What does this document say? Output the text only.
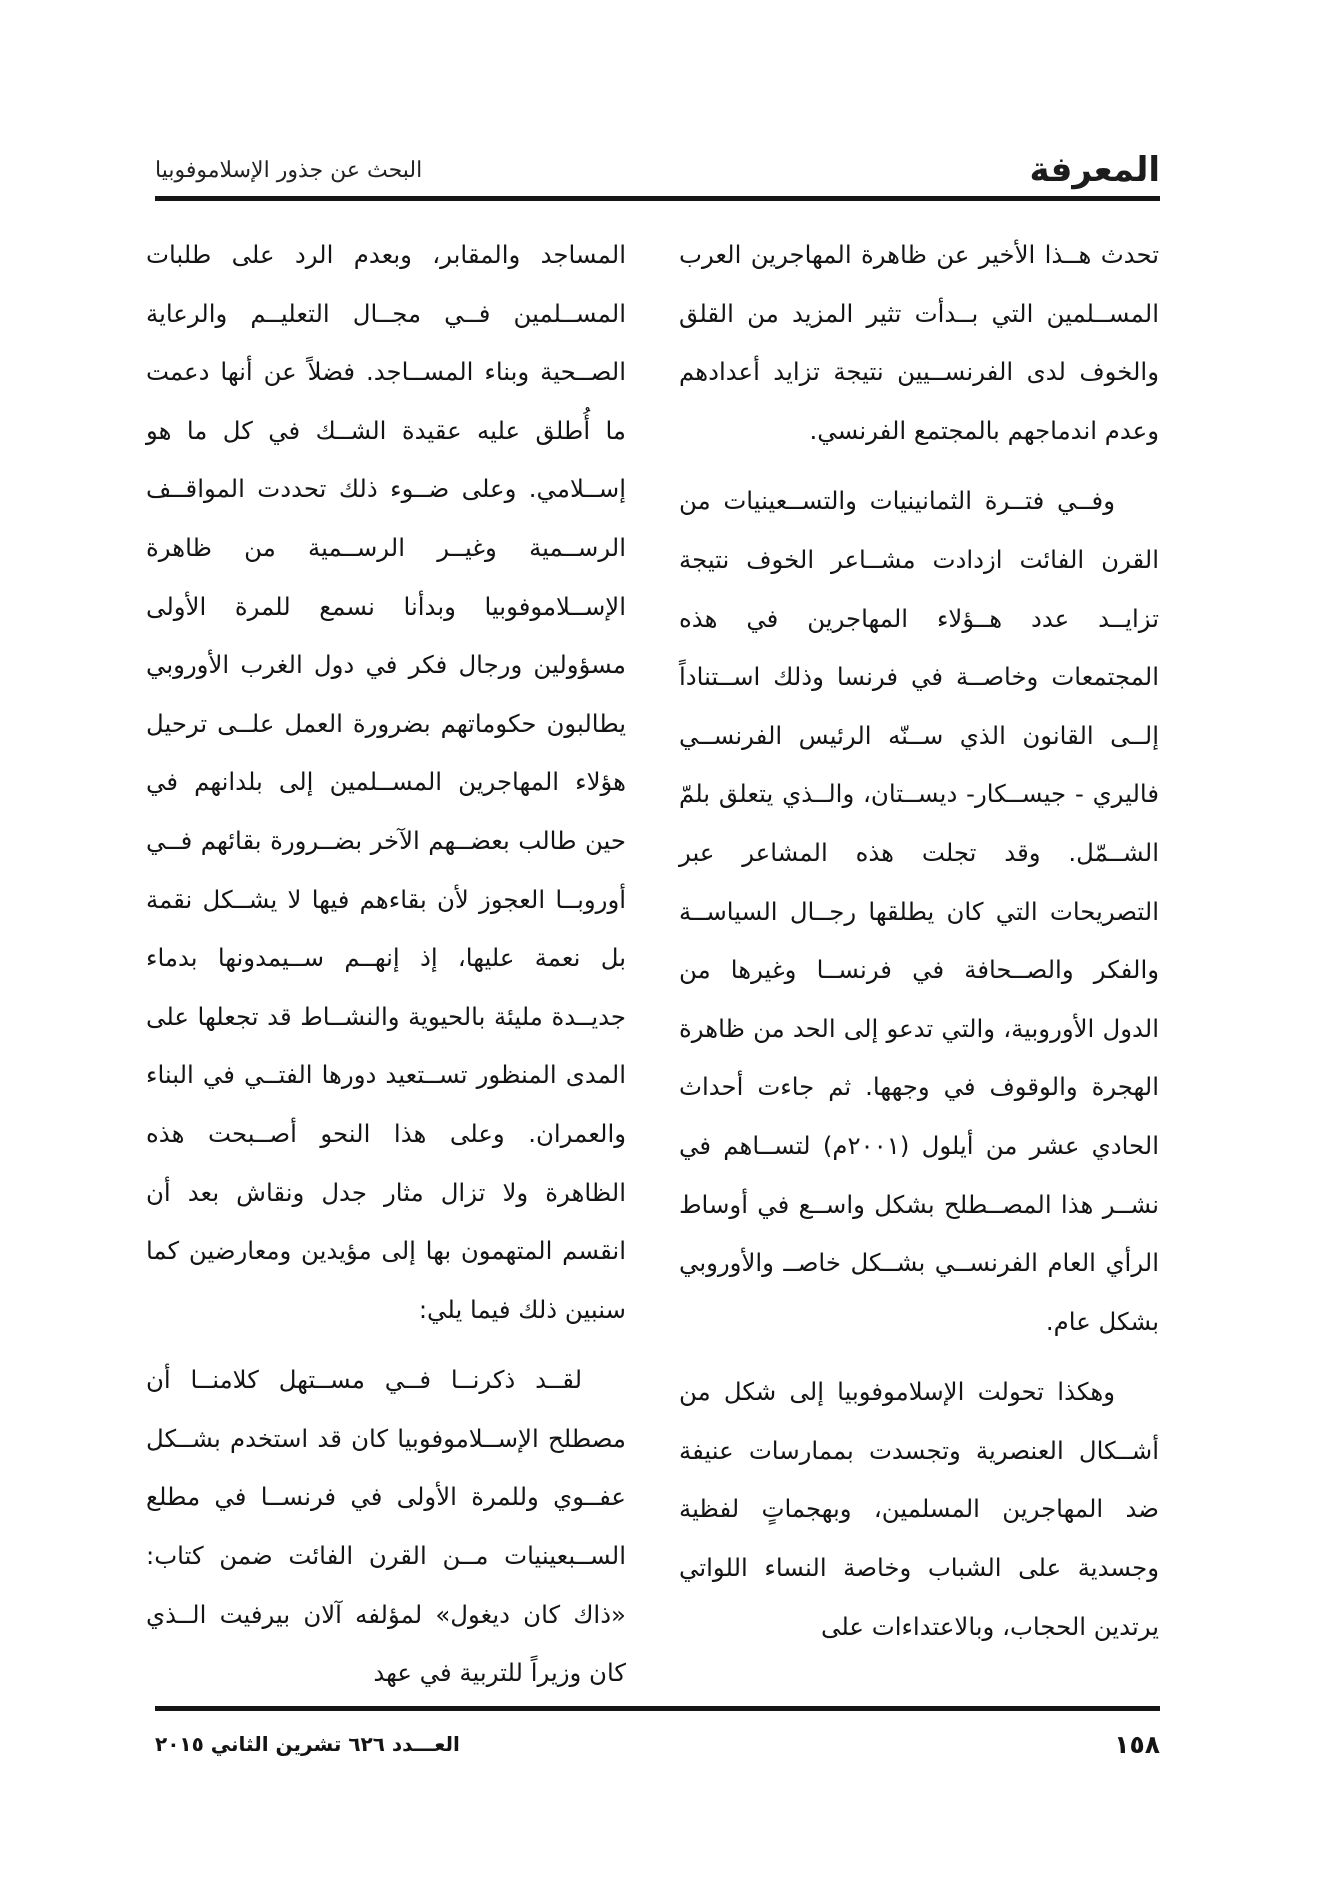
المعرفة
البحث عن جذور الإسلاموفوبيا

تحدث هــذا الأخير عن ظاهرة المهاجرين العرب المســلمين التي بــدأت تثير المزيد من القلق والخوف لدى الفرنســيين نتيجة تزايد أعدادهم وعدم اندماجهم بالمجتمع الفرنسي.

وفــي فتــرة الثمانينيات والتســعينيات من القرن الفائت ازدادت مشــاعر الخوف نتيجة تزايــد عدد هــؤلاء المهاجرين في هذه المجتمعات وخاصــة في فرنسا وذلك اســتناداً إلــى القانون الذي ســنّه الرئيس الفرنســي فاليري - جيســكار- ديســتان، والــذي يتعلق بلمّ الشــمّل. وقد تجلت هذه المشاعر عبر التصريحات التي كان يطلقها رجــال السياســة والفكر والصــحافة في فرنســا وغيرها من الدول الأوروبية، والتي تدعو إلى الحد من ظاهرة الهجرة والوقوف في وجهها. ثم جاءت أحداث الحادي عشر من أيلول (٢٠٠١م) لتســاهم في نشــر هذا المصــطلح بشكل واســع في أوساط الرأي العام الفرنســي بشــكل خاصــ والأوروبي بشكل عام.

وهكذا تحولت الإسلاموفوبيا إلى شكل من أشــكال العنصرية وتجسدت بممارسات عنيفة ضد المهاجرين المسلمين، وبهجماتٍ لفظية وجسدية على الشباب وخاصة النساء اللواتي يرتدين الحجاب، وبالاعتداءات على

المساجد والمقابر، وبعدم الرد على طلبات المســلمين فــي مجــال التعليــم والرعاية الصــحية وبناء المســاجد. فضلاً عن أنها دعمت ما أُطلق عليه عقيدة الشــك في كل ما هو إســلامي. وعلى ضــوء ذلك تحددت المواقــف الرســمية وغيــر الرســمية من ظاهرة الإســلاموفوبيا وبدأنا نسمع للمرة الأولى مسؤولين ورجال فكر في دول الغرب الأوروبي يطالبون حكوماتهم بضرورة العمل علــى ترحيل هؤلاء المهاجرين المســلمين إلى بلدانهم في حين طالب بعضــهم الآخر بضــرورة بقائهم فــي أوروبــا العجوز لأن بقاءهم فيها لا يشــكل نقمة بل نعمة عليها، إذ إنهــم ســيمدونها بدماء جديــدة مليئة بالحيوية والنشــاط قد تجعلها على المدى المنظور تســتعيد دورها الفتــي في البناء والعمران. وعلى هذا النحو أصــبحت هذه الظاهرة ولا تزال مثار جدل ونقاش بعد أن انقسم المتهمون بها إلى مؤيدين ومعارضين كما سنبين ذلك فيما يلي:

لقــد ذكرنــا فــي مســتهل كلامنــا أن مصطلح الإســلاموفوبيا كان قد استخدم بشــكل عفــوي وللمرة الأولى في فرنســا في مطلع الســبعينيات مــن القرن الفائت ضمن كتاب: «ذاك كان ديغول» لمؤلفه آلان بيرفيت الــذي كان وزيراً للتربية في عهد

١٥٨
العـــدد ٦٢٦ تشرين الثاني ٢٠١٥
